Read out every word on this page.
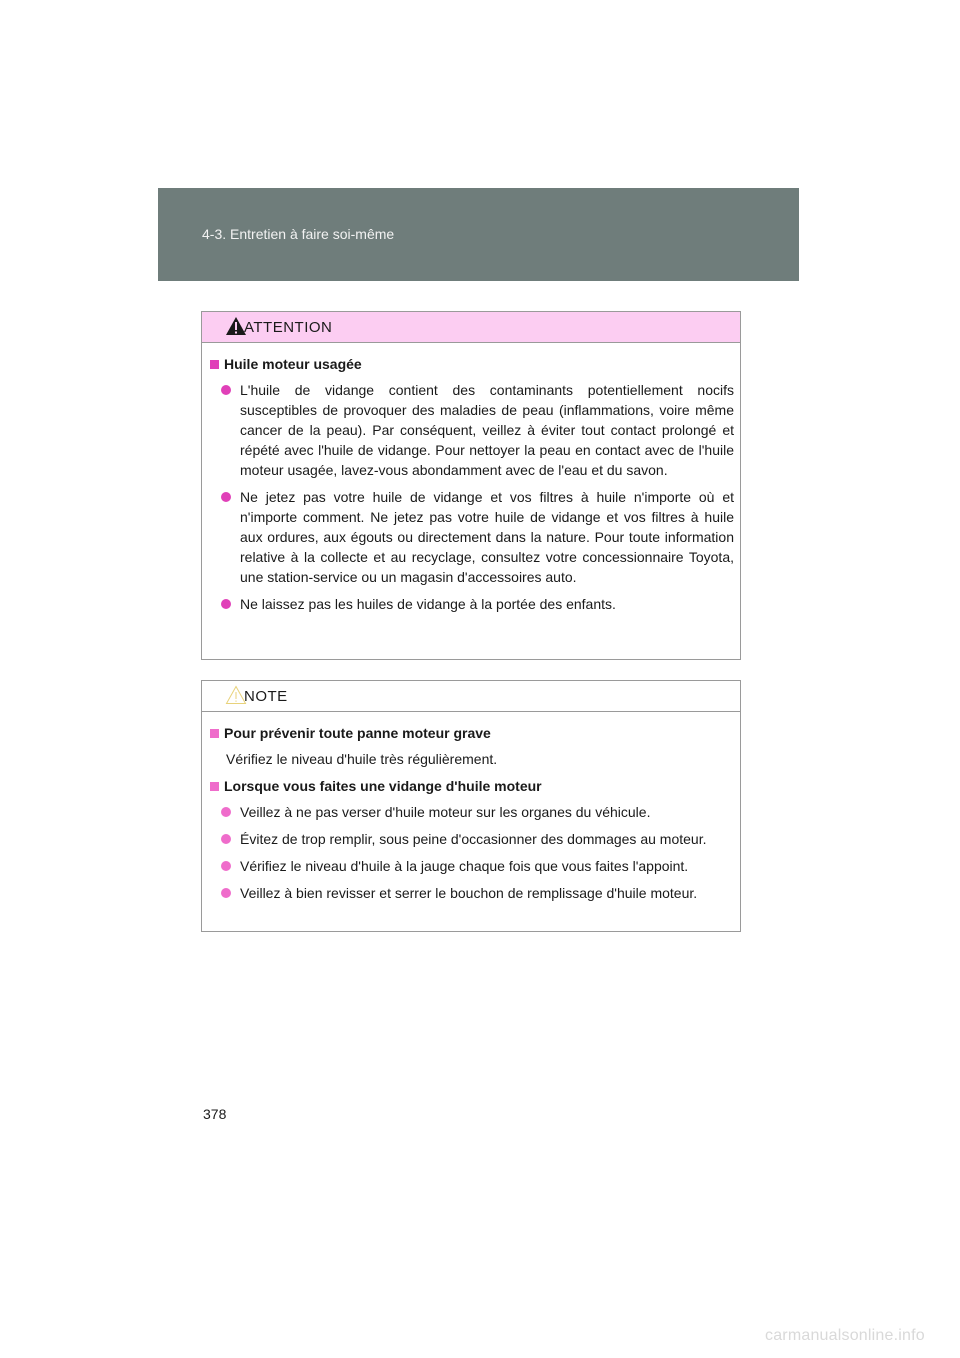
4-3. Entretien à faire soi-même
ATTENTION
Huile moteur usagée
L'huile de vidange contient des contaminants potentiellement nocifs susceptibles de provoquer des maladies de peau (inflammations, voire même cancer de la peau). Par conséquent, veillez à éviter tout contact prolongé et répété avec l'huile de vidange. Pour nettoyer la peau en contact avec de l'huile moteur usagée, lavez-vous abondamment avec de l'eau et du savon.
Ne jetez pas votre huile de vidange et vos filtres à huile n'importe où et n'importe comment. Ne jetez pas votre huile de vidange et vos filtres à huile aux ordures, aux égouts ou directement dans la nature. Pour toute information relative à la collecte et au recyclage, consultez votre concessionnaire Toyota, une station-service ou un magasin d'accessoires auto.
Ne laissez pas les huiles de vidange à la portée des enfants.
NOTE
Pour prévenir toute panne moteur grave
Vérifiez le niveau d'huile très régulièrement.
Lorsque vous faites une vidange d'huile moteur
Veillez à ne pas verser d'huile moteur sur les organes du véhicule.
Évitez de trop remplir, sous peine d'occasionner des dommages au moteur.
Vérifiez le niveau d'huile à la jauge chaque fois que vous faites l'appoint.
Veillez à bien revisser et serrer le bouchon de remplissage d'huile moteur.
378
carmanualsonline.info
